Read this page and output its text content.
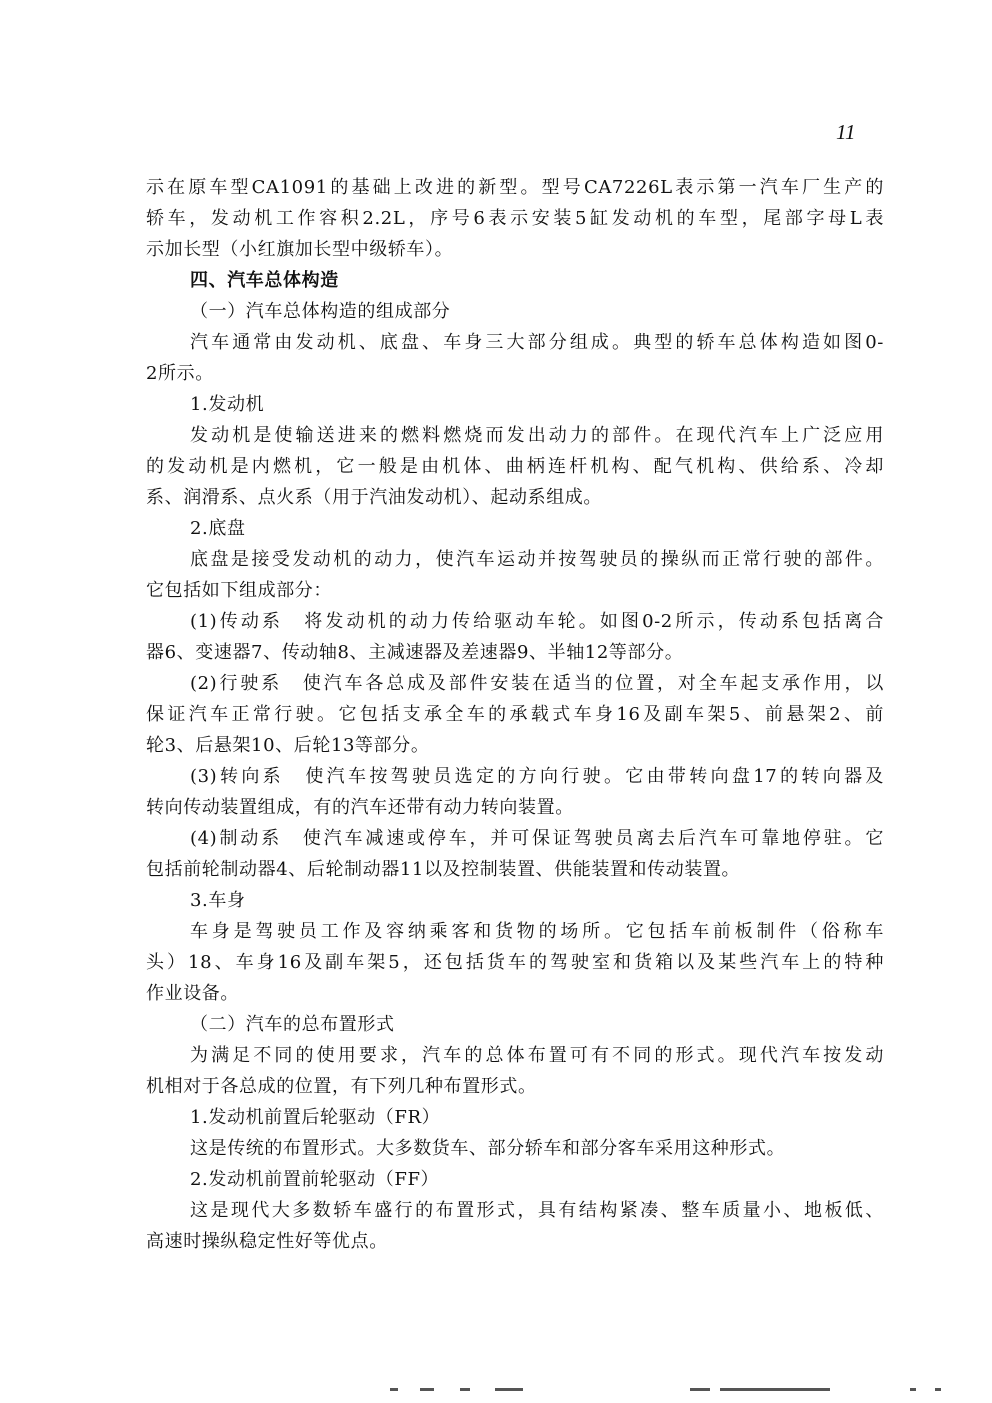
11
示在原车型CA1091的基础上改进的新型。型号CA7226L表示第一汽车厂生产的
轿车，发动机工作容积2.2L，序号6表示安装5缸发动机的车型，尾部字母L表
示加长型（小红旗加长型中级轿车）。
四、汽车总体构造
（一）汽车总体构造的组成部分
汽车通常由发动机、底盘、车身三大部分组成。典型的轿车总体构造如图0-
2所示。
1.发动机
发动机是使输送进来的燃料燃烧而发出动力的部件。在现代汽车上广泛应用
的发动机是内燃机，它一般是由机体、曲柄连杆机构、配气机构、供给系、冷却
系、润滑系、点火系（用于汽油发动机）、起动系组成。
2.底盘
底盘是接受发动机的动力，使汽车运动并按驾驶员的操纵而正常行驶的部件。
它包括如下组成部分：
(1)传动系　将发动机的动力传给驱动车轮。如图0-2所示，传动系包括离合
器6、变速器7、传动轴8、主减速器及差速器9、半轴12等部分。
(2)行驶系　使汽车各总成及部件安装在适当的位置，对全车起支承作用，以
保证汽车正常行驶。它包括支承全车的承载式车身16及副车架5、前悬架2、前
轮3、后悬架10、后轮13等部分。
(3)转向系　使汽车按驾驶员选定的方向行驶。它由带转向盘17的转向器及
转向传动装置组成，有的汽车还带有动力转向装置。
(4)制动系　使汽车减速或停车，并可保证驾驶员离去后汽车可靠地停驻。它
包括前轮制动器4、后轮制动器11以及控制装置、供能装置和传动装置。
3.车身
车身是驾驶员工作及容纳乘客和货物的场所。它包括车前板制件（俗称车
头）18、车身16及副车架5，还包括货车的驾驶室和货箱以及某些汽车上的特种
作业设备。
（二）汽车的总布置形式
为满足不同的使用要求，汽车的总体布置可有不同的形式。现代汽车按发动
机相对于各总成的位置，有下列几种布置形式。
1.发动机前置后轮驱动（FR）
这是传统的布置形式。大多数货车、部分轿车和部分客车采用这种形式。
2.发动机前置前轮驱动（FF）
这是现代大多数轿车盛行的布置形式，具有结构紧凑、整车质量小、地板低、
高速时操纵稳定性好等优点。
